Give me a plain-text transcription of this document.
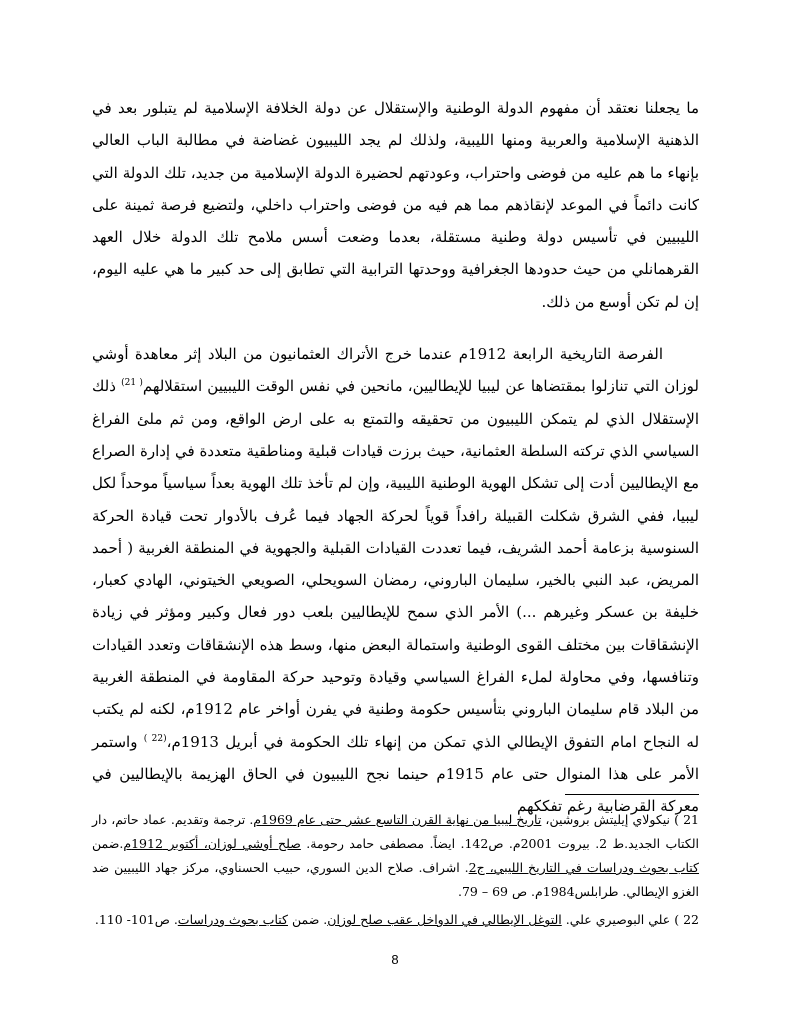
ما يجعلنا نعتقد أن مفهوم الدولة الوطنية والإستقلال عن دولة الخلافة الإسلامية لم يتبلور بعد في الذهنية الإسلامية والعربية ومنها الليبية، ولذلك لم يجد الليبيون غضاضة في مطالبة الباب العالي بإنهاء ما هم عليه من فوضى واحتراب، وعودتهم لحضيرة الدولة الإسلامية من جديد، تلك الدولة التي كانت دائماً في الموعد لإنقاذهم مما هم فيه من فوضى واحتراب داخلي، ولتضيع فرصة ثمينة على الليبيين في تأسيس دولة وطنية مستقلة، بعدما وضعت أسس ملامح تلك الدولة خلال العهد القرهمانلي من حيث حدودها الجغرافية ووحدتها الترابية التي تطابق إلى حد كبير ما هي عليه اليوم، إن لم تكن أوسع من ذلك.

الفرصة التاريخية الرابعة 1912م عندما خرج الأتراك العثمانيون من البلاد إثر معاهدة أوشي لوزان التي تنازلوا بمقتضاها عن ليبيا للإيطاليين، مانحين في نفس الوقت الليبيين استقلالهم$^{( 21)}$ ذلك الإستقلال الذي لم يتمكن الليبيون من تحقيقه والتمتع به على ارض الواقع، ومن ثم ملئ الفراغ السياسي الذي تركته السلطة العثمانية، حيث برزت قيادات قبلية ومناطقية متعددة في إدارة الصراع مع الإيطاليين أدت إلى تشكل الهوية الوطنية الليبية، وإن لم تأخذ تلك الهوية بعداً سياسياً موحداً لكل ليبيا، ففي الشرق شكلت القبيلة رافداً قوياً لحركة الجهاد فيما عُرف بالأدوار تحت قيادة الحركة السنوسية بزعامة أحمد الشريف، فيما تعددت القيادات القبلية والجهوية في المنطقة الغربية ( أحمد المريض، عبد النبي بالخير، سليمان الباروني، رمضان السويحلي، الصويعي الخيتوني، الهادي كعبار، خليفة بن عسكر وغيرهم ...) الأمر الذي سمح للإيطاليين بلعب دور فعال وكبير ومؤثر في زيادة الإنشقاقات بين مختلف القوى الوطنية واستمالة البعض منها، وسط هذه الإنشقاقات وتعدد القيادات وتنافسها، وفي محاولة لملء الفراغ السياسي وقيادة وتوحيد حركة المقاومة في المنطقة الغربية من البلاد قام سليمان الباروني بتأسيس حكومة وطنية في يفرن أواخر عام 1912م، لكنه لم يكتب له النجاح امام التفوق الإيطالي الذي تمكن من إنهاء تلك الحكومة في أبريل 1913م،$^{(22 )}$ واستمر الأمر على هذا المنوال حتى عام 1915م حينما نجح الليبيون في الحاق الهزيمة بالإيطاليين في معركة القرضابية رغم تفككهم

21 ) نيكولاي إيليتش بروشين، تاريخ ليبيا من نهاية القرن التاسع عشر حتى عام 1969م. ترجمة وتقديم. عماد حاتم، دار الكتاب الجديد.ط 2. بيروت 2001م. ص142. ايضاً. مصطفى حامد رحومة. صلح أوشي لوزان، أكتوبر 1912م.ضمن كتاب بحوث ودراسات في التاريخ الليبي، ج2. اشراف. صلاح الدين السوري، حبيب الحسناوي، مركز جهاد الليبيين ضد الغزو الإيطالي. طرابلس1984م. ص 69 – 79.

22 ) علي البوصيري علي. التوغل الإيطالي في الدواخل عقب صلح لوزان. ضمن كتاب بحوث ودراسات. ص101- 110.

8
